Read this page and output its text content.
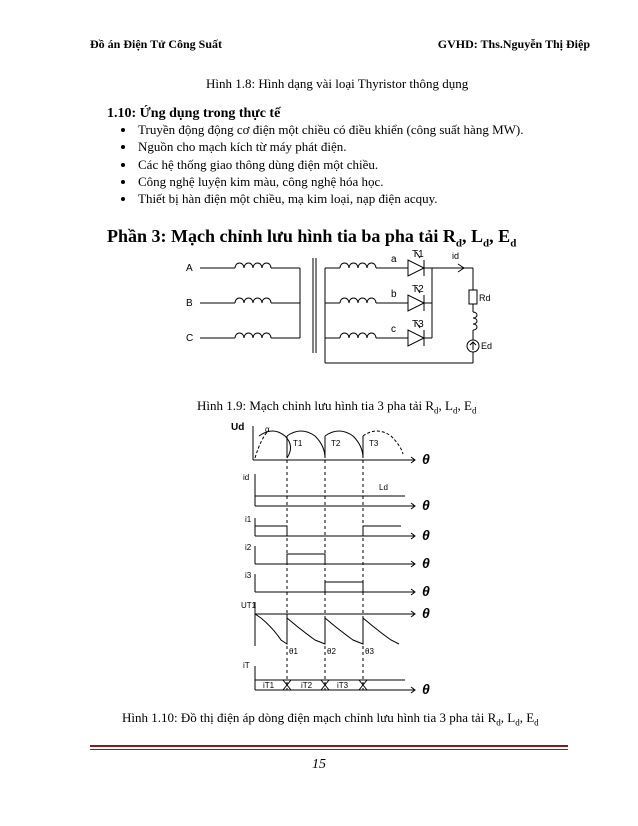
Đồ án Điện Tử Công Suất	GVHD: Ths.Nguyễn Thị Điệp
Hình 1.8: Hình dạng vài loại Thyristor thông dụng
1.10: Ứng dụng trong thực tế
• Truyền động động cơ điện một chiều có điều khiển (công suất hàng MW).
• Nguồn cho mạch kích từ máy phát điện.
• Các hệ thống giao thông dùng điện một chiều.
• Công nghệ luyện kim màu, công nghệ hóa học.
• Thiết bị hàn điện một chiều, mạ kim loại, nạp điện acquy.
Phần 3: Mạch chỉnh lưu hình tia ba pha tải $R_d$, $L_d$, $E_d$
A
B
C
a
b
c
T1
T2
T3
id
Rd
Ed
Hình 1.9: Mạch chỉnh lưu hình tia 3 pha tải $R_d$, $L_d$, $E_d$
Ud	α
T1	T2	T3
id
i1
i2
i3
UT1
iT
Ld
θ1	θ2	θ3
iT1	iT2	iT3
θ
θ
θ
θ
θ
θ
θ
Hình 1.10: Đồ thị điện áp dòng điện mạch chỉnh lưu hình tia 3 pha tải $R_d$, $L_d$, $E_d$
15
